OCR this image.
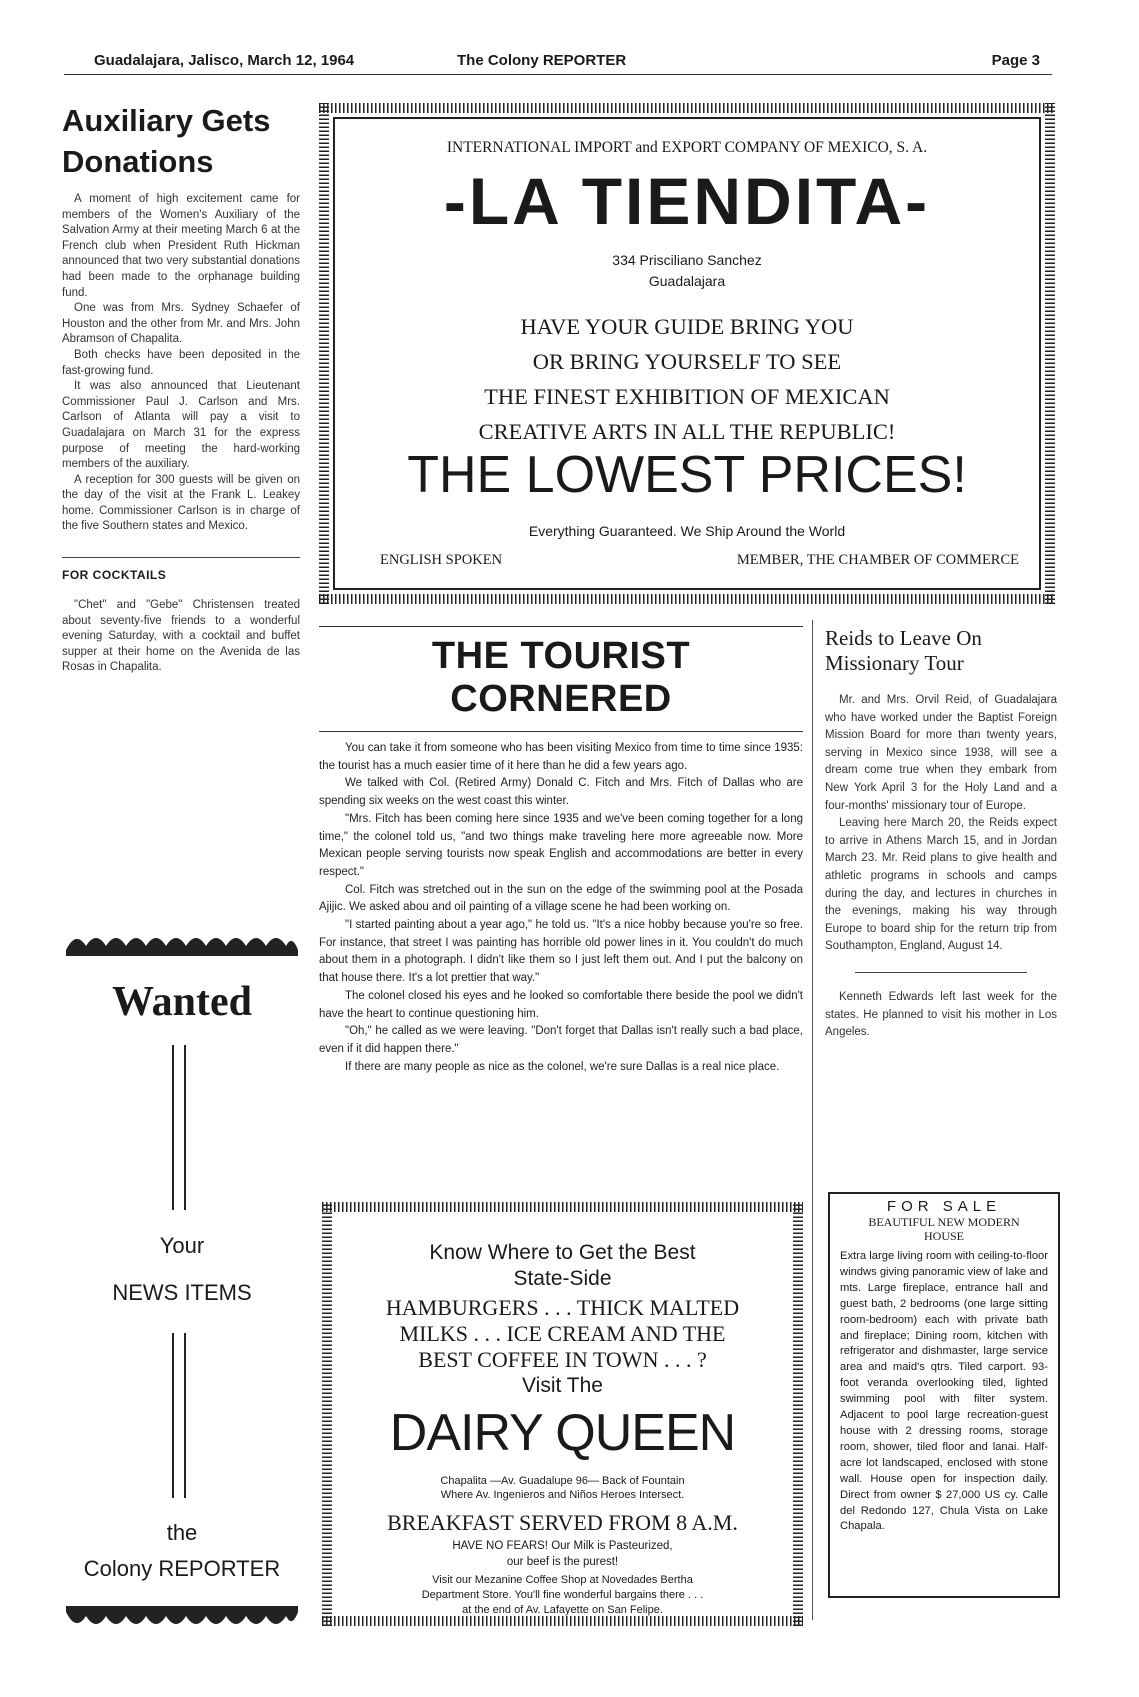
Guadalajara, Jalisco, March 12, 1964	The Colony REPORTER	Page 3
Auxiliary Gets Donations

A moment of high excitement came for members of the Women's Auxiliary of the Salvation Army at their meeting March 6 at the French club when President Ruth Hickman announced that two very substantial donations had been made to the orphanage building fund.

One was from Mrs. Sydney Schaefer of Houston and the other from Mr. and Mrs. John Abramson of Chapalita.

Both checks have been deposited in the fast-growing fund.

It was also announced that Lieutenant Commissioner Paul J. Carlson and Mrs. Carlson of Atlanta will pay a visit to Guadalajara on March 31 for the express purpose of meeting the hard-working members of the auxiliary.

A reception for 300 guests will be given on the day of the visit at the Frank L. Leakey home. Commissioner Carlson is in charge of the five Southern states and Mexico.

FOR COCKTAILS

"Chet" and "Gebe" Christensen treated about seventy-five friends to a wonderful evening Saturday, with a cocktail and buffet supper at their home on the Avenida de las Rosas in Chapalita.

Wanted
Your
NEWS ITEMS
the
Colony REPORTER
INTERNATIONAL IMPORT and EXPORT COMPANY OF MEXICO, S. A.
-LA TIENDITA-
334 Prisciliano Sanchez
Guadalajara
HAVE YOUR GUIDE BRING YOU
OR BRING YOURSELF TO SEE
THE FINEST EXHIBITION OF MEXICAN
CREATIVE ARTS IN ALL THE REPUBLIC!
THE LOWEST PRICES!
Everything Guaranteed. We Ship Around the World
ENGLISH SPOKEN	MEMBER, THE CHAMBER OF COMMERCE
THE TOURIST CORNERED

You can take it from someone who has been visiting Mexico from time to time since 1935: the tourist has a much easier time of it here than he did a few years ago.

We talked with Col. (Retired Army) Donald C. Fitch and Mrs. Fitch of Dallas who are spending six weeks on the west coast this winter.

"Mrs. Fitch has been coming here since 1935 and we've been coming together for a long time," the colonel told us, "and two things make traveling here more agreeable now. More Mexican people serving tourists now speak English and accommodations are better in every respect."

Col. Fitch was stretched out in the sun on the edge of the swimming pool at the Posada Ajijic. We asked abou and oil painting of a village scene he had been working on.

"I started painting about a year ago," he told us. "It's a nice hobby because you're so free. For instance, that street I was painting has horrible old power lines in it. You couldn't do much about them in a photograph. I didn't like them so I just left them out. And I put the balcony on that house there. It's a lot prettier that way."

The colonel closed his eyes and he looked so comfortable there beside the pool we didn't have the heart to continue questioning him.

"Oh," he called as we were leaving. "Don't forget that Dallas isn't really such a bad place, even if it did happen there."

If there are many people as nice as the colonel, we're sure Dallas is a real nice place.

Reids to Leave On Missionary Tour

Mr. and Mrs. Orvil Reid, of Guadalajara who have worked under the Baptist Foreign Mission Board for more than twenty years, serving in Mexico since 1938, will see a dream come true when they embark from New York April 3 for the Holy Land and a four-months' missionary tour of Europe.

Leaving here March 20, the Reids expect to arrive in Athens March 15, and in Jordan March 23. Mr. Reid plans to give health and athletic programs in schools and camps during the day, and lectures in churches in the evenings, making his way through Europe to board ship for the return trip from Southampton, England, August 14.

Kenneth Edwards left last week for the states. He planned to visit his mother in Los Angeles.

Know Where to Get the Best
State-Side
HAMBURGERS . . . THICK MALTED
MILKS . . . ICE CREAM AND THE
BEST COFFEE IN TOWN . . . ?
Visit The
DAIRY QUEEN
Chapalita —Av. Guadalupe 96— Back of Fountain
Where Av. Ingenieros and Niños Heroes Intersect.
BREAKFAST SERVED FROM 8 A.M.
HAVE NO FEARS! Our Milk is Pasteurized,
our beef is the purest!
Visit our Mezanine Coffee Shop at Novedades Bertha
Department Store. You'll fine wonderful bargains there . . .
at the end of Av. Lafayette on San Felipe.
FOR SALE
BEAUTIFUL NEW MODERN
HOUSE
Extra large living room with ceiling-to-floor windws giving panoramic view of lake and mts. Large fireplace, entrance hall and guest bath, 2 bedrooms (one large sitting room-bedroom) each with private bath and fireplace; Dining room, kitchen with refrigerator and dishmaster, large service area and maid's qtrs. Tiled carport. 93-foot veranda overlooking tiled, lighted swimming pool with filter system. Adjacent to pool large recreation-guest house with 2 dressing rooms, storage room, shower, tiled floor and lanai. Half-acre lot landscaped, enclosed with stone wall. House open for inspection daily. Direct from owner $ 27,000 US cy. Calle del Redondo 127, Chula Vista on Lake Chapala.
